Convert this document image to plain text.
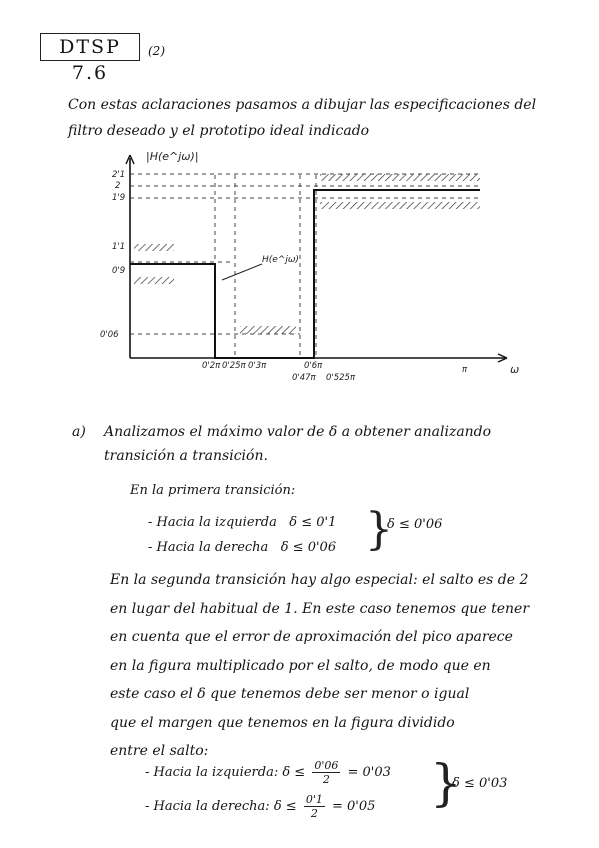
DTSP 7.6
(2)
Con estas aclaraciones pasamos a dibujar las especificaciones del
filtro deseado y el prototipo ideal indicado
2'1
2
1'9
1'1
0'9
0'06
|H(e^jω)|
H(e^jω)
0'2π 0'25π 0'3π	0'6π
0'47π 0'525π
π	ω
a) Analizamos el máximo valor de δ a obtener analizando
transición a transición.
En la primera transición:
- Hacia la izquierda δ ≤ 0'1
- Hacia la derecha δ ≤ 0'06 }
δ ≤ 0'06
En la segunda transición hay algo especial: el salto es de 2
en lugar del habitual de 1. En este caso tenemos que tener
en cuenta que el error de aproximación del pico aparece
en la figura multiplicado por el salto, de modo que en
este caso el δ que tenemos debe ser menor o igual
que el margen que tenemos en la figura dividido
entre el salto:
- Hacia la izquierda: $\delta \le \frac{0'06}{2} = 0'03$
- Hacia la derecha: $\delta \le \frac{0'1}{2} = 0'05$	}
δ ≤ 0'03
